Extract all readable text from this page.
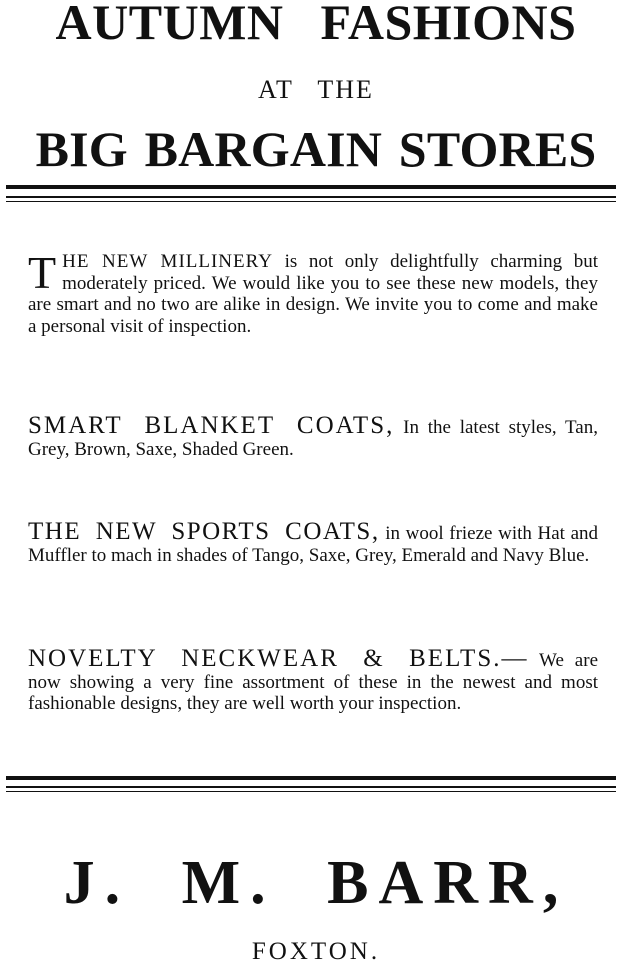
AUTUMN FASHIONS
AT THE
BIG BARGAIN STORES

THE NEW MILLINERY is not only delightfully charming but moderately priced. We would like you to see these new models, they are smart and no two are alike in design. We invite you to come and make a personal visit of inspection.

SMART BLANKET COATS, In the latest styles, Tan, Grey, Brown, Saxe, Shaded Green.

THE NEW SPORTS COATS, in wool frieze with Hat and Muffler to mach in shades of Tango, Saxe, Grey, Emerald and Navy Blue.

NOVELTY NECKWEAR & BELTS.— We are now showing a very fine assortment of these in the newest and most fashionable designs, they are well worth your inspection.

J. M. BARR,
FOXTON.
